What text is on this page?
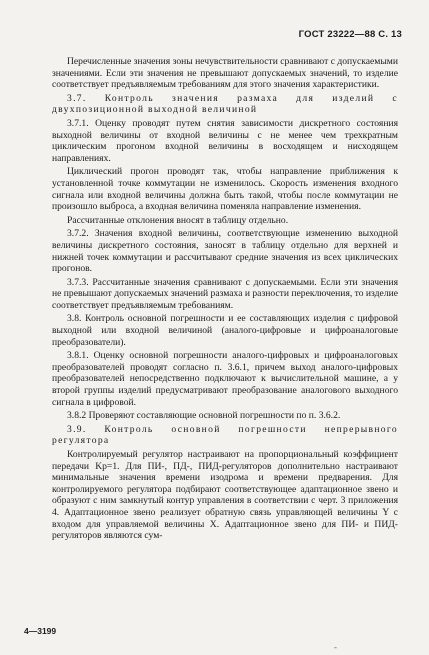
ГОСТ 23222—88 С. 13

Перечисленные значения зоны нечувствительности сравнивают с допускаемыми значениями. Если эти значения не превышают допускаемых значений, то изделие соответствует предъявляемым требованиям для этого значения характеристики.

3.7. Контроль значения размаха для изделий с двухпозиционной выходной величиной

3.7.1. Оценку проводят путем снятия зависимости дискретного состояния выходной величины от входной величины с не менее чем трехкратным циклическим прогоном входной величины в восходящем и нисходящем направлениях.

Циклический прогон проводят так, чтобы направление приближения к установленной точке коммутации не изменилось. Скорость изменения входного сигнала или входной величины должна быть такой, чтобы после коммутации не произошло выброса, а входная величина поменяла направление изменения.

Рассчитанные отклонения вносят в таблицу отдельно.

3.7.2. Значения входной величины, соответствующие изменению выходной величины дискретного состояния, заносят в таблицу отдельно для верхней и нижней точек коммутации и рассчитывают средние значения из всех циклических прогонов.

3.7.3. Рассчитанные значения сравнивают с допускаемыми. Если эти значения не превышают допускаемых значений размаха и разности переключения, то изделие соответствует предъявляемым требованиям.

3.8. Контроль основной погрешности и ее составляющих изделия с цифровой выходной или входной величиной (аналого-цифровые и цифроаналоговые преобразователи).

3.8.1. Оценку основной погрешности аналого-цифровых и цифроаналоговых преобразователей проводят согласно п. 3.6.1, причем выход аналого-цифровых преобразователей непосредственно подключают к вычислительной машине, а у второй группы изделий предусматривают преобразование аналогового выходного сигнала в цифровой.

3.8.2 Проверяют составляющие основной погрешности по п. 3.6.2.

3.9. Контроль основной погрешности непрерывного регулятора

Контролируемый регулятор настраивают на пропорциональный коэффициент передачи Kр=1. Для ПИ-, ПД-, ПИД-регуляторов дополнительно настраивают минимальные значения времени изодрома и времени предварения. Для контролируемого регулятора подбирают соответствующее адаптационное звено и образуют с ним замкнутый контур управления в соответствии с черт. 3 приложения 4. Адаптационное звено реализует обратную связь управляющей величины Y с входом для управляемой величины X. Адаптационное звено для ПИ- и ПИД-регуляторов являются сум-

4—3199
-
